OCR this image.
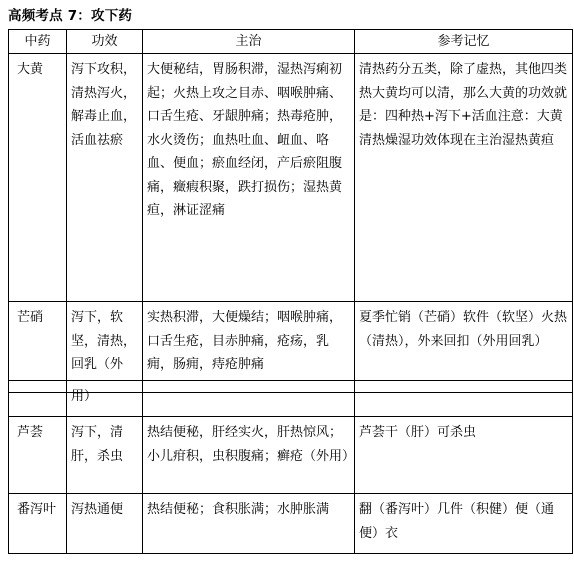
高频考点 7：攻下药
中药	功效	主治	参考记忆
大黄	泻下攻积，清热泻火，解毒止血，活血祛瘀	大便秘结，胃肠积滞，湿热泻痢初起；火热上攻之目赤、咽喉肿痛、口舌生疮、牙龈肿痛；热毒疮肿，水火烫伤；血热吐血、衄血、咯血、便血；瘀血经闭，产后瘀阻腹痛，癥瘕积聚，跌打损伤；湿热黄疸，淋证涩痛	清热药分五类，除了虚热，其他四类热大黄均可以清，那么大黄的功效就是：四种热+泻下+活血注意：大黄清热燥湿功效体现在主治湿热黄疸
芒硝	泻下，软坚，清热，回乳（外	实热积滞，大便燥结；咽喉肿痛，口舌生疮，目赤肿痛，疮疡，乳痈，肠痈，痔疮肿痛	夏季忙销（芒硝）软件（软坚）火热（清热），外来回扣（外用回乳）
	用）		
芦荟	泻下，清肝，杀虫	热结便秘，肝经实火，肝热惊风；小儿疳积，虫积腹痛；癣疮（外用）	芦荟干（肝）可杀虫
番泻叶	泻热通便	热结便秘；食积胀满；水肿胀满	翻（番泻叶）几件（积健）便（通便）衣
